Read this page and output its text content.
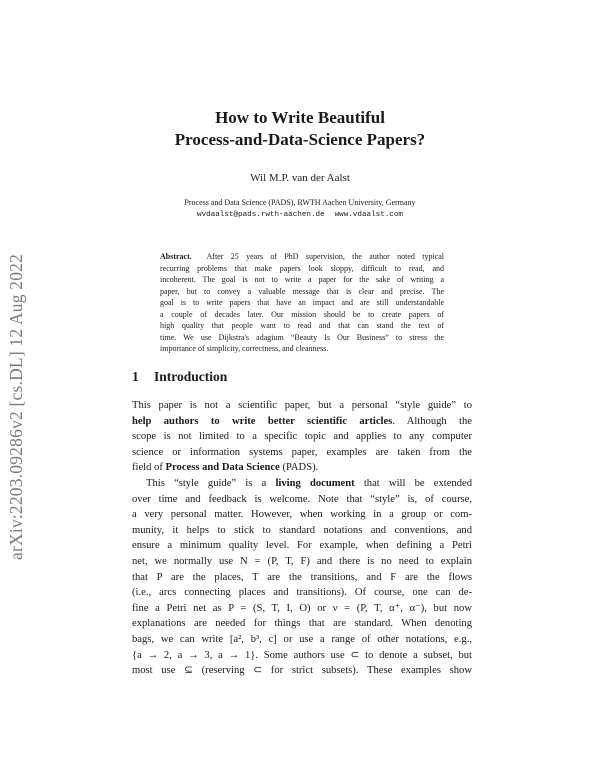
arXiv:2203.09286v2 [cs.DL] 12 Aug 2022
How to Write Beautiful
Process-and-Data-Science Papers?
Wil M.P. van der Aalst
Process and Data Science (PADS), RWTH Aachen University, Germany
wvdaalst@pads.rwth-aachen.de www.vdaalst.com
Abstract. After 25 years of PhD supervision, the author noted typical
recurring problems that make papers look sloppy, difficult to read, and
incoherent. The goal is not to write a paper for the sake of writing a
paper, but to convey a valuable message that is clear and precise. The
goal is to write papers that have an impact and are still understandable
a couple of decades later. Our mission should be to create papers of
high quality that people want to read and that can stand the test of
time. We use Dijkstra's adagium “Beauty Is Our Business” to stress the
importance of simplicity, correctness, and cleanness.
1 Introduction
This paper is not a scientific paper, but a personal “style guide” to
help authors to write better scientific articles. Although the
scope is not limited to a specific topic and applies to any computer
science or information systems paper, examples are taken from the
field of Process and Data Science (PADS).
This “style guide” is a living document that will be extended
over time and feedback is welcome. Note that “style” is, of course,
a very personal matter. However, when working in a group or com-
munity, it helps to stick to standard notations and conventions, and
ensure a minimum quality level. For example, when defining a Petri
net, we normally use N = (P, T, F) and there is no need to explain
that P are the places, T are the transitions, and F are the flows
(i.e., arcs connecting places and transitions). Of course, one can de-
fine a Petri net as P = (S, T, I, O) or ν = (P, T, α⁺, α⁻), but now
explanations are needed for things that are standard. When denoting
bags, we can write [a², b³, c] or use a range of other notations, e.g.,
{a → 2, a → 3, a → 1}. Some authors use ⊂ to denote a subset, but
most use ⊆ (reserving ⊂ for strict subsets). These examples show
